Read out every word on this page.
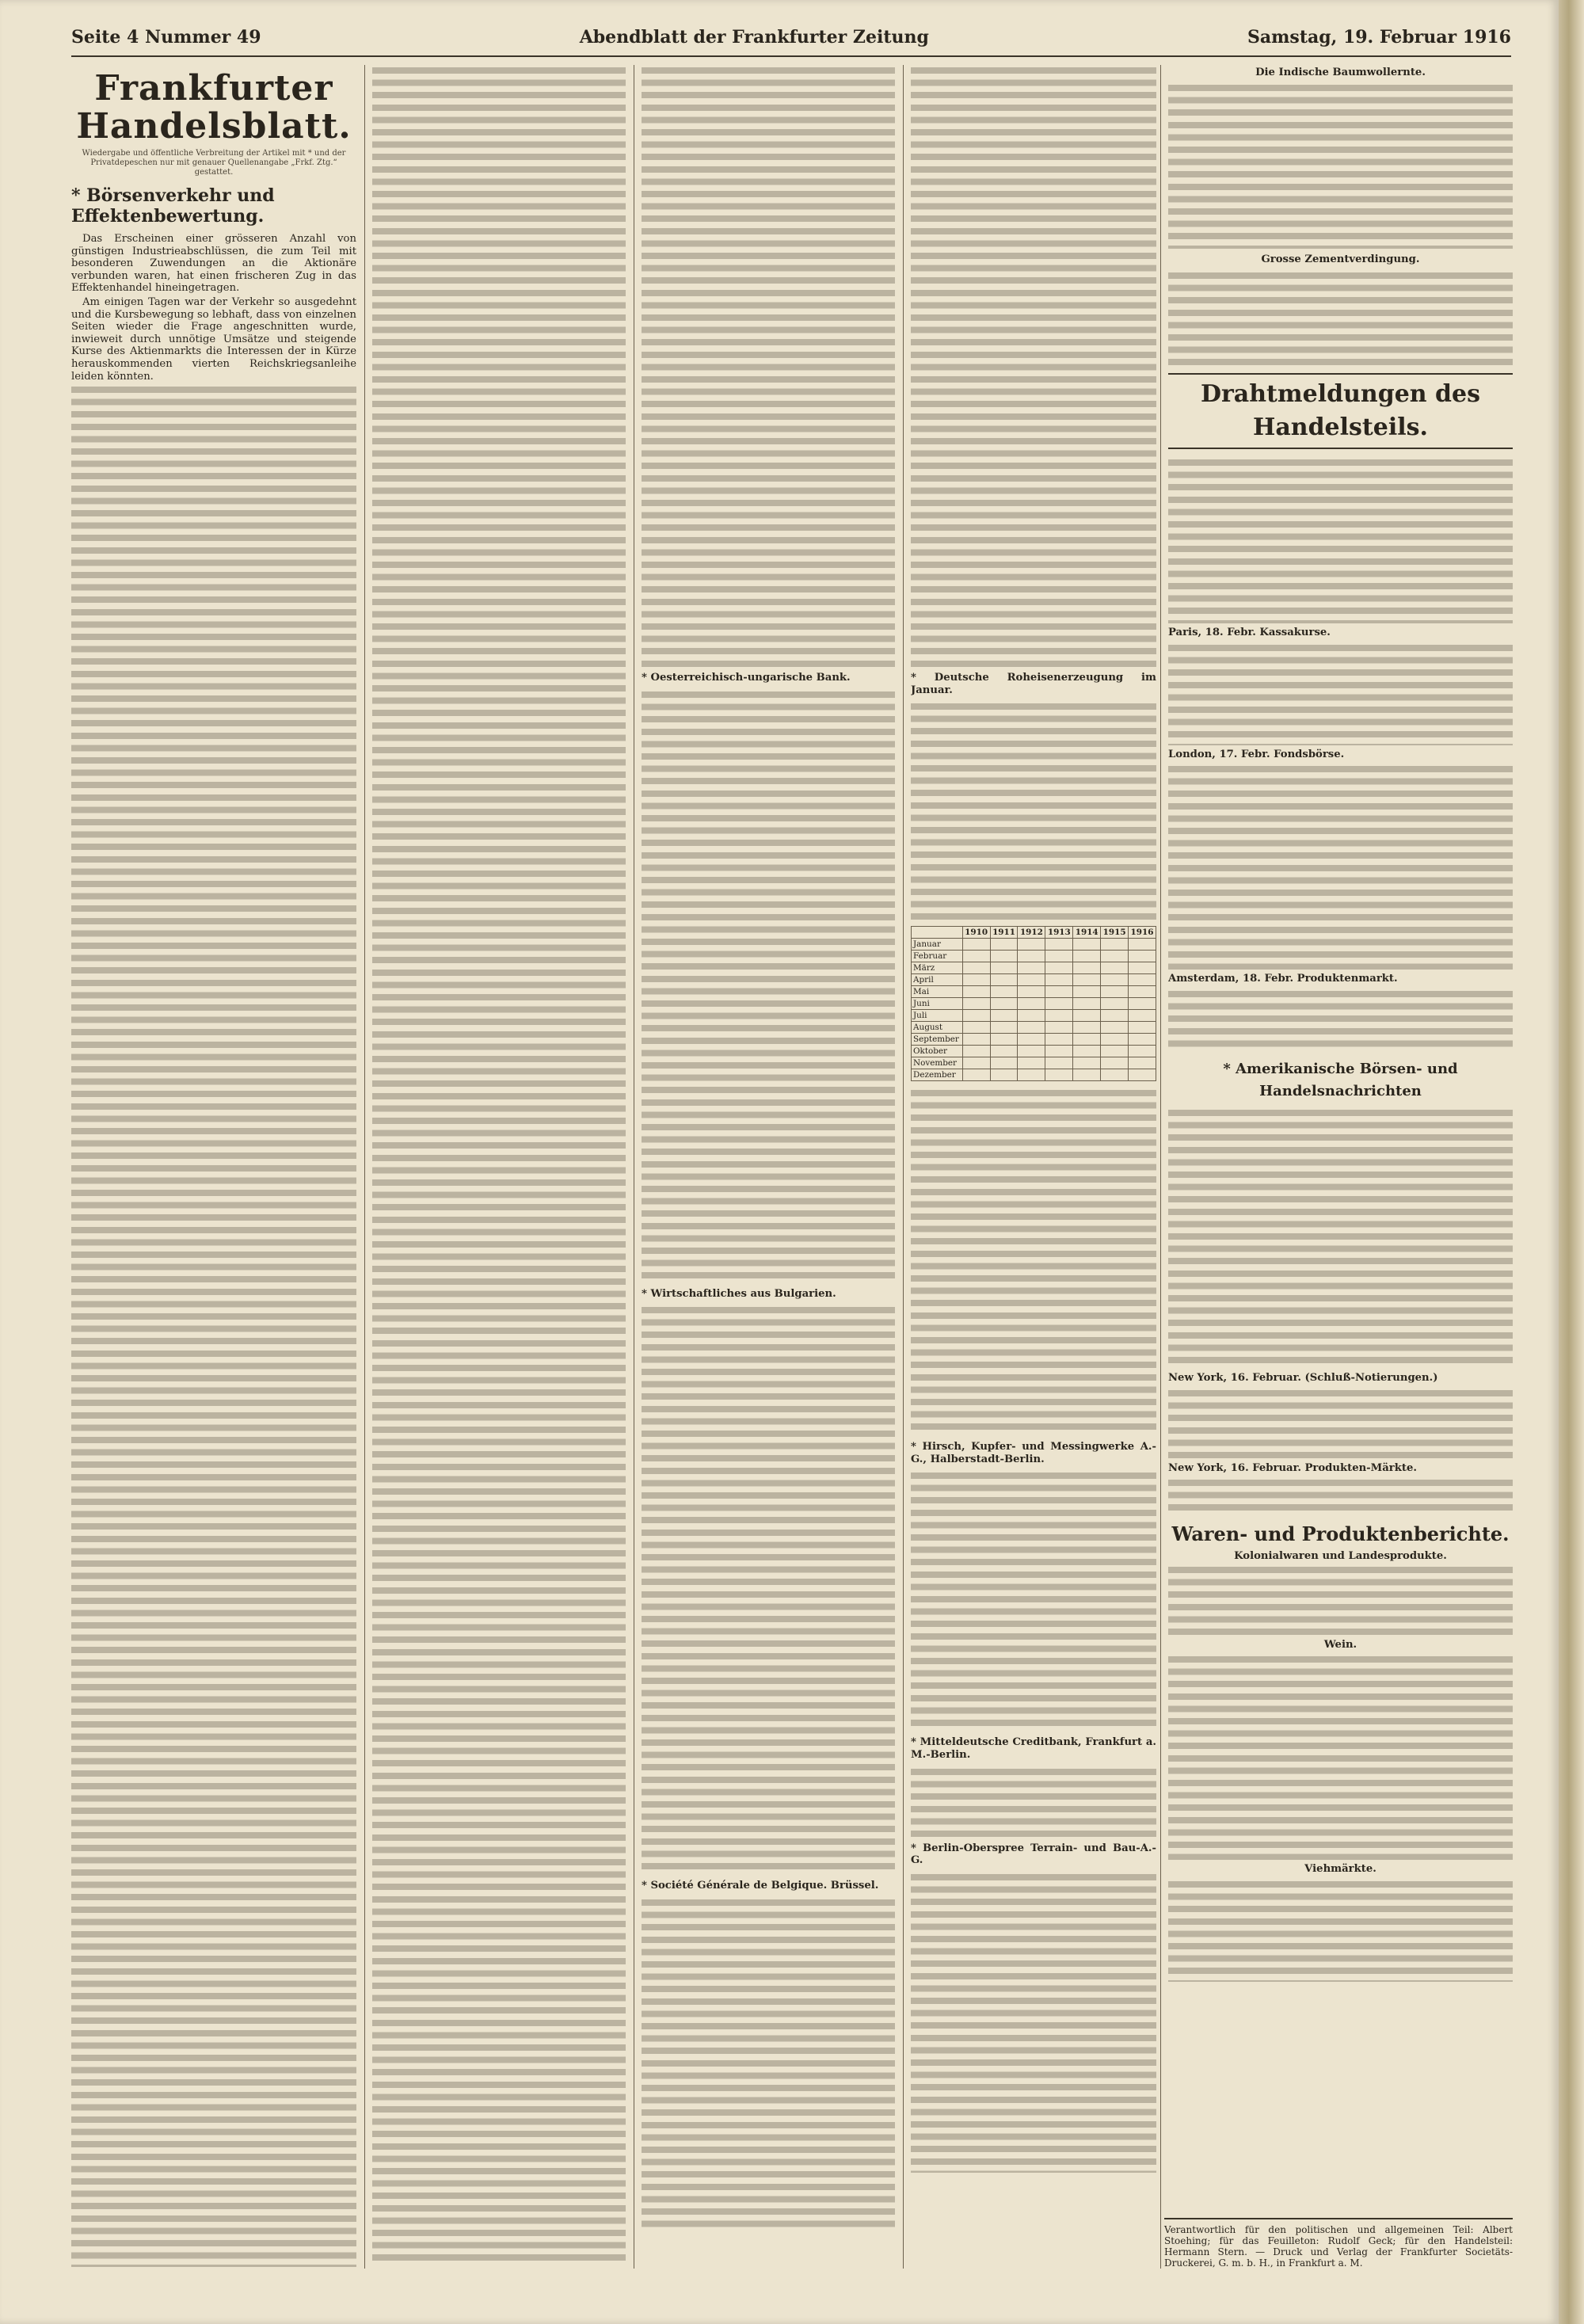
Seite 4 Nummer 49	Abendblatt der Frankfurter Zeitung	Samstag, 19. Februar 1916
Frankfurter Handelsblatt.
Wiedergabe und öffentliche Verbreitung der Artikel mit * und der Privatdepeschen nur mit genauer Quellenangabe „Frkf. Ztg.“ gestattet.
* Börsenverkehr und Effektenbewertung.

Das Erscheinen einer grösseren Anzahl von günstigen Industrieabschlüssen, die zum Teil mit besonderen Zuwendungen an die Aktionäre verbunden waren, hat einen frischeren Zug in das Effektenhandel hineingetragen.

Am einigen Tagen war der Verkehr so ausgedehnt und die Kursbewegung so lebhaft, dass von einzelnen Seiten wieder die Frage angeschnitten wurde, inwieweit durch unnötige Umsätze und steigende Kurse des Aktienmarkts die Interessen der in Kürze herauskommenden vierten Reichskriegsanleihe leiden könnten.

* Oesterreichisch-ungarische Bank.
* Wirtschaftliches aus Bulgarien.
* Société Générale de Belgique. Brüssel.
* Deutsche Roheisenerzeugung im Januar.
	1910	1911	1912	1913	1914	1915	1916
Januar							
Februar							
März							
April							
Mai							
Juni							
Juli							
August							
September							
Oktober							
November							
Dezember							
* Hirsch, Kupfer- und Messingwerke A.-G., Halberstadt-Berlin.
* Mitteldeutsche Creditbank, Frankfurt a. M.-Berlin.
* Berlin-Oberspree Terrain- und Bau-A.-G.
Die Indische Baumwollernte.
Grosse Zementverdingung.
Drahtmeldungen des Handelsteils.
Paris, 18. Febr. Kassakurse.
London, 17. Febr. Fondsbörse.
Amsterdam, 18. Febr. Produktenmarkt.
* Amerikanische Börsen- und Handelsnachrichten
New York, 16. Februar. (Schluß-Notierungen.)
New York, 16. Februar. Produkten-Märkte.
Waren- und Produktenberichte.
Kolonialwaren und Landesprodukte.
Wein.
Viehmärkte.
Verantwortlich für den politischen und allgemeinen Teil: Albert Stoehing; für das Feuilleton: Rudolf Geck; für den Handelsteil: Hermann Stern. — Druck und Verlag der Frankfurter Societäts-Druckerei, G. m. b. H., in Frankfurt a. M.
